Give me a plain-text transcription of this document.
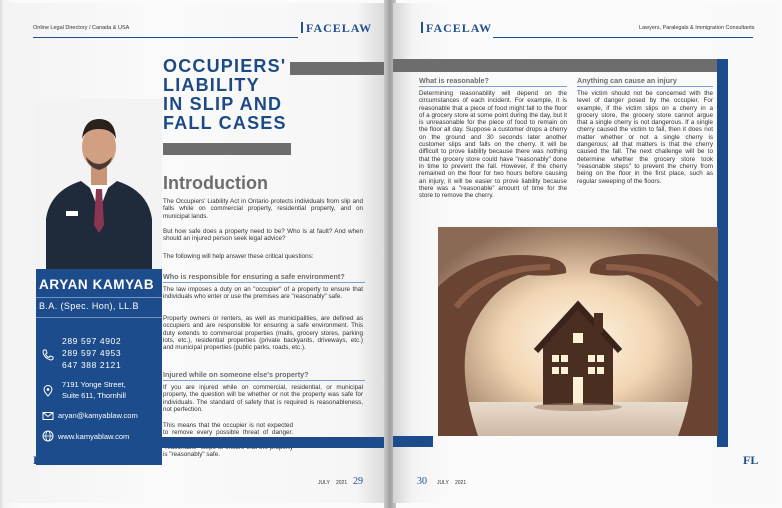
Online Legal Directory / Canada & USA	FACELAW
OCCUPIERS'
LIABILITY
IN SLIP AND
FALL CASES
ARYAN KAMYAB
B.A. (Spec. Hon), LL.B
289 597 4902
289 597 4953
647 388 2121
7191 Yonge Street,
Suite 611, Thornhill
aryan@kamyablaw.com
www.kamyablaw.com
Introduction
The Occupiers' Liability Act in Ontario protects individuals from slip and falls while on commercial property, residential property, and on municipal lands.
But how safe does a property need to be? Who is at fault? And when should an injured person seek legal advice?
The following will help answer these critical questions:
Who is responsible for ensuring a safe environment?
The law imposes a duty on an "occupier" of a property to ensure that individuals who enter or use the premises are "reasonably" safe.
Property owners or renters, as well as municipalities, are defined as occupiers and are responsible for ensuring a safe environment. This duty extends to commercial properties (malls, grocery stores, parking lots, etc.), residential properties (private backyards, driveways, etc.) and municipal properties (public parks, roads, etc.).
Injured while on someone else's property?
If you are injured while on commercial, residential, or municipal property, the question will be whether or not the property was safe for individuals. The standard of safety that is required is reasonableness, not perfection.
This means that the occupier is not expected to remove every possible threat of danger. is "reasonably" safe.
FL
JULY 2021 29
FACELAW	Lawyers, Paralegals & Immigration Consultants
What is reasonable?
Determining reasonability will depend on the circumstances of each incident. For example, it is reasonable that a piece of food might fall to the floor of a grocery store at some point during the day, but it is unreasonable for the piece of food to remain on the floor all day. Suppose a customer drops a cherry on the ground and 30 seconds later another customer slips and falls on the cherry. It will be difficult to prove liability because there was nothing that the grocery store could have "reasonably" done in time to prevent the fall. However, if the cherry remained on the floor for two hours before causing an injury, it will be easier to prove liability because there was a "reasonable" amount of time for the store to remove the cherry.
Anything can cause an injury
The victim should not be concerned with the level of danger posed by the occupier. For example, if the victim slips on a cherry in a grocery store, the grocery store cannot argue that a single cherry is not dangerous. If a single cherry caused the victim to fall, then it does not matter whether or not a single cherry is dangerous; all that matters is that the cherry caused the fall. The next challenge will be to determine whether the grocery store took "reasonable steps" to prevent the cherry from being on the floor in the first place, such as regular sweeping of the floors.
30 JULY 2021
FL
